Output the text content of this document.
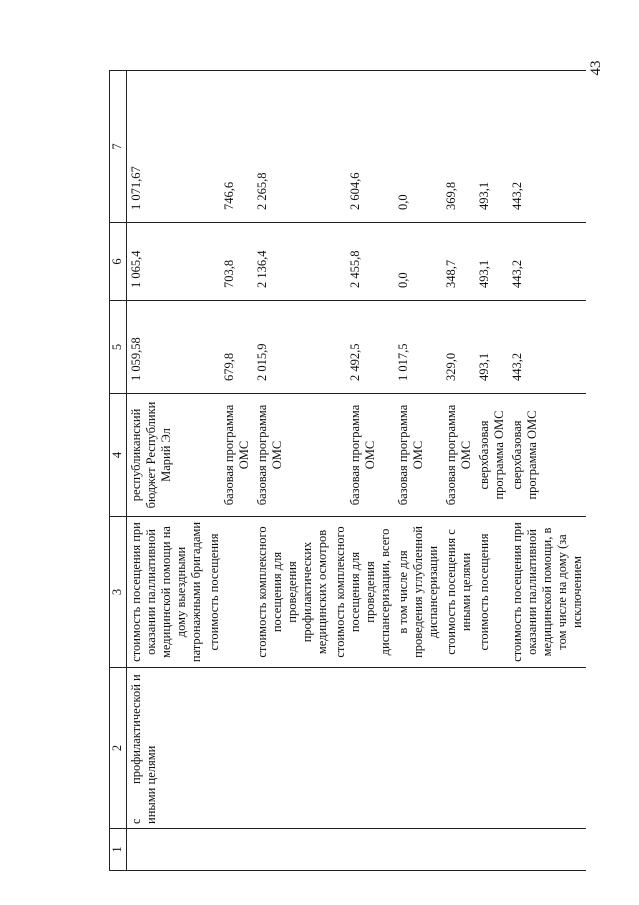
43
1	2	3	4	5	6	7

	с
профилактической и иными целями	стоимость посещения при оказании паллиативной медицинской помощи на дому выездными патронажными бригадами	республиканский бюджет Республики Марий Эл	1 059,58	1 065,4	1 071,67
		стоимость посещения	базовая программа ОМС	679,8	703,8	746,6
		стоимость комплексного посещения для проведения профилактических медицинских осмотров	базовая программа ОМС	2 015,9	2 136,4	2 265,8
		стоимость комплексного посещения для проведения диспансеризации, всего	базовая программа ОМС	2 492,5	2 455,8	2 604,6
		в том числе для проведения углубленной диспансеризации	базовая программа ОМС	1 017,5	0,0	0,0
		стоимость посещения с иными целями	базовая программа ОМС	329,0	348,7	369,8
		стоимость посещения	сверхбазовая программа ОМС	493,1	493,1	493,1
		стоимость посещения при оказании паллиативной медицинской помощи, в том числе на дому (за исключением	сверхбазовая программа ОМС	443,2	443,2	443,2
